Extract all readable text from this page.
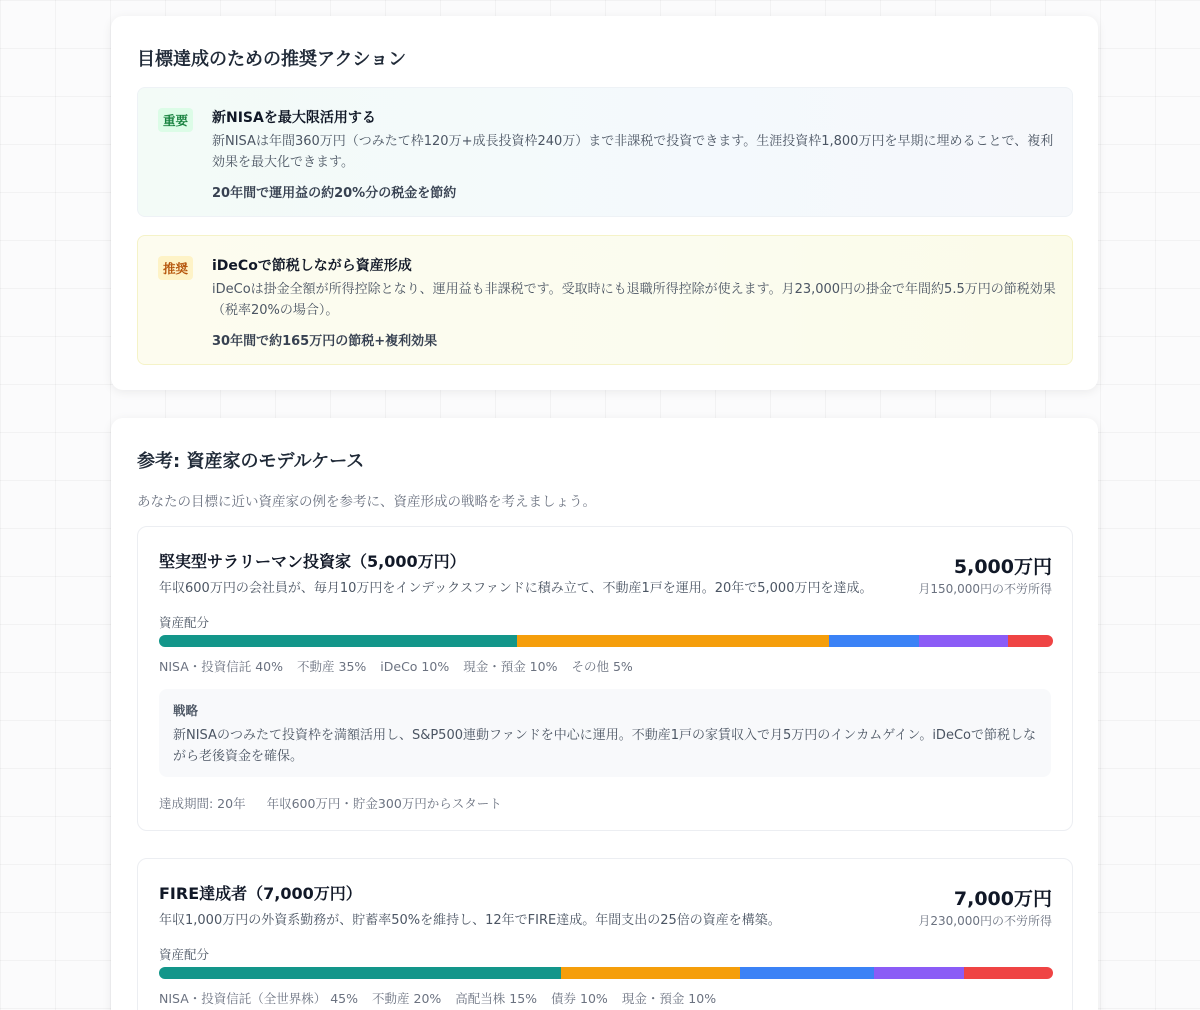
目標達成のための推奨アクション
重要	新NISAを最大限活用する
新NISAは年間360万円（つみたて枠120万+成長投資枠240万）まで非課税で投資できます。生涯投資枠1,800万円を早期に埋めることで、複利効果を最大化できます。
20年間で運用益の約20%分の税金を節約
推奨	iDeCoで節税しながら資産形成
iDeCoは掛金全額が所得控除となり、運用益も非課税です。受取時にも退職所得控除が使えます。月23,000円の掛金で年間約5.5万円の節税効果（税率20%の場合）。
30年間で約165万円の節税+複利効果
参考: 資産家のモデルケース
あなたの目標に近い資産家の例を参考に、資産形成の戦略を考えましょう。
堅実型サラリーマン投資家（5,000万円）
年収600万円の会社員が、毎月10万円をインデックスファンドに積み立て、不動産1戸を運用。20年で5,000万円を達成。
5,000万円
月150,000円の不労所得
資産配分
NISA・投資信託 40% 不動産 35% iDeCo 10% 現金・預金 10% その他 5%
戦略
新NISAのつみたて投資枠を満額活用し、S&P500連動ファンドを中心に運用。不動産1戸の家賃収入で月5万円のインカムゲイン。iDeCoで節税しながら老後資金を確保。
達成期間: 20年 年収600万円・貯金300万円からスタート
FIRE達成者（7,000万円）
年収1,000万円の外資系勤務が、貯蓄率50%を維持し、12年でFIRE達成。年間支出の25倍の資産を構築。
7,000万円
月230,000円の不労所得
資産配分
NISA・投資信託（全世界株） 45% 不動産 20% 高配当株 15% 債券 10% 現金・預金 10%
